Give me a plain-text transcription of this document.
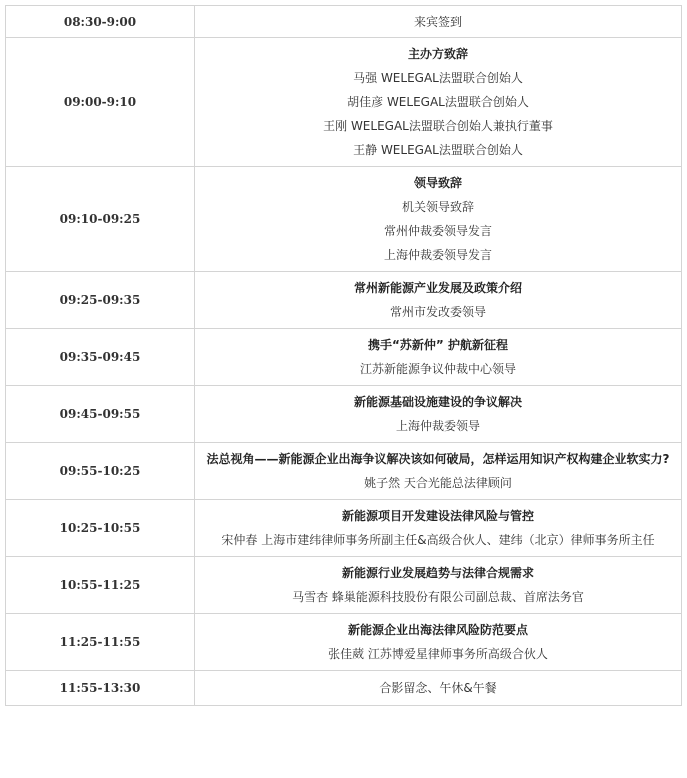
08:30-9:00	来宾签到

09:00-9:10	主办方致辞
马强 WELEGAL法盟联合创始人
胡佳彦 WELEGAL法盟联合创始人
王刚 WELEGAL法盟联合创始人兼执行董事
王静 WELEGAL法盟联合创始人

09:10-09:25	领导致辞
机关领导致辞
常州仲裁委领导发言
上海仲裁委领导发言

09:25-09:35	常州新能源产业发展及政策介绍
常州市发改委领导

09:35-09:45	携手“苏新仲” 护航新征程
江苏新能源争议仲裁中心领导

09:45-09:55	新能源基础设施建设的争议解决
上海仲裁委领导

09:55-10:25	法总视角——新能源企业出海争议解决该如何破局，怎样运用知识产权构建企业软实力?
姚子然 天合光能总法律顾问

10:25-10:55	新能源项目开发建设法律风险与管控
宋仲春 上海市建纬律师事务所副主任&高级合伙人、建纬（北京）律师事务所主任

10:55-11:25	新能源行业发展趋势与法律合规需求
马雪杏 蜂巢能源科技股份有限公司副总裁、首席法务官

11:25-11:55	新能源企业出海法律风险防范要点
张佳葳 江苏博爱星律师事务所高级合伙人

11:55-13:30	合影留念、午休&午餐
